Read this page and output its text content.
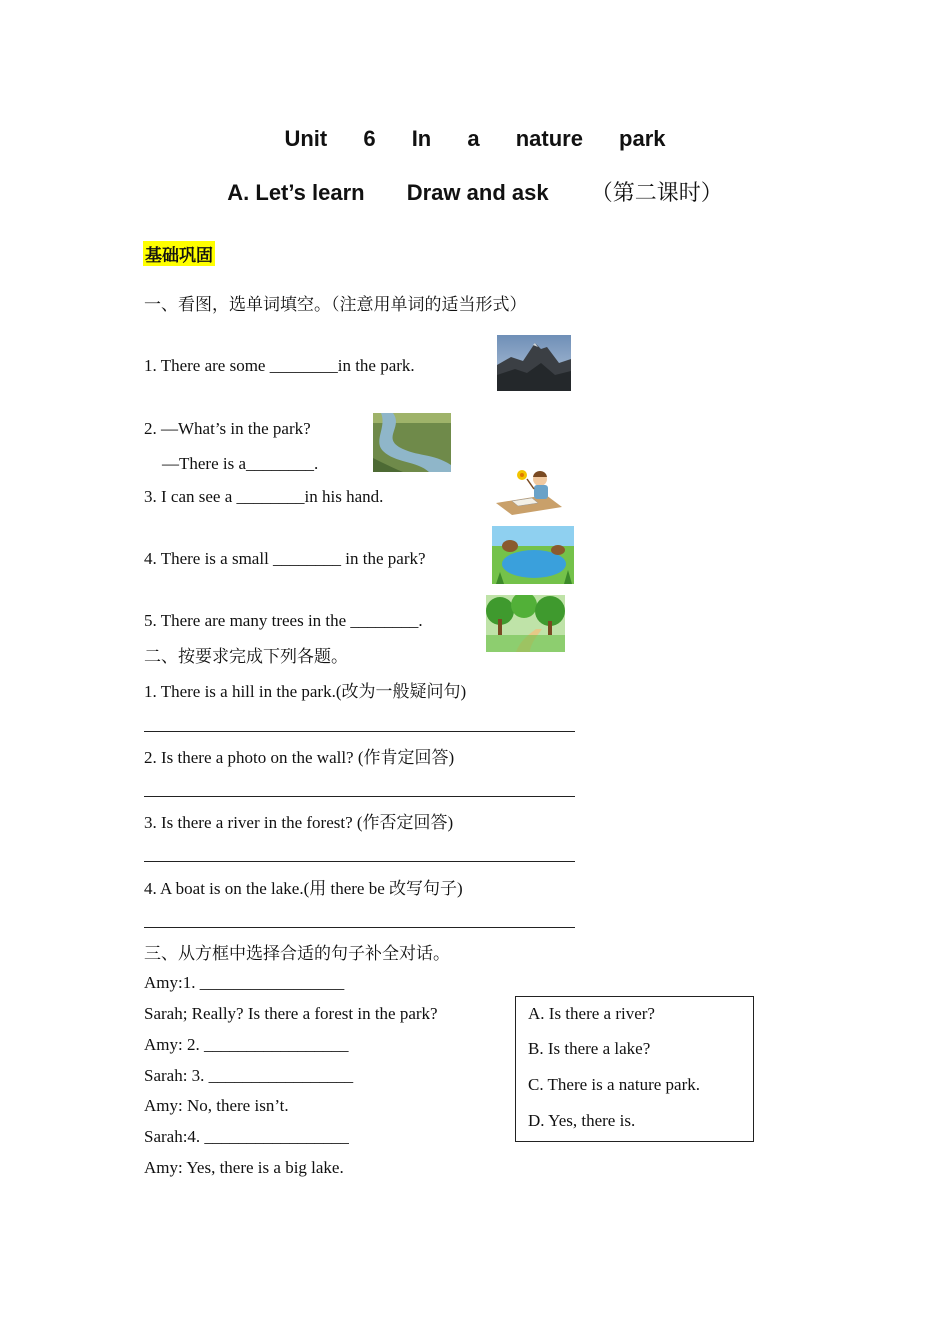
Unit 6 In a nature park
A. Let’s learn Draw and ask （第二课时）
基础巩固
一、看图，选单词填空。（注意用单词的适当形式）
1. There are some ________in the park.
2. —What’s in the park?
—There is a________.
3. I can see a ________in his hand.
4. There is a small ________ in the park?
5. There are many trees in the ________.
二、按要求完成下列各题。
1. There is a hill in the park.(改为一般疑问句)
2. Is there a photo on the wall? (作肯定回答)
3. Is there a river in the forest? (作否定回答)
4. A boat is on the lake.(用 there be 改写句子)
三、从方框中选择合适的句子补全对话。
Amy:1. _________________
Sarah; Really? Is there a forest in the park?
Amy: 2. _________________
Sarah: 3. _________________
Amy: No, there isn’t.
Sarah:4. _________________
Amy: Yes, there is a big lake.
A. Is there a river?
B. Is there a lake?
C. There is a nature park.
D. Yes, there is.
